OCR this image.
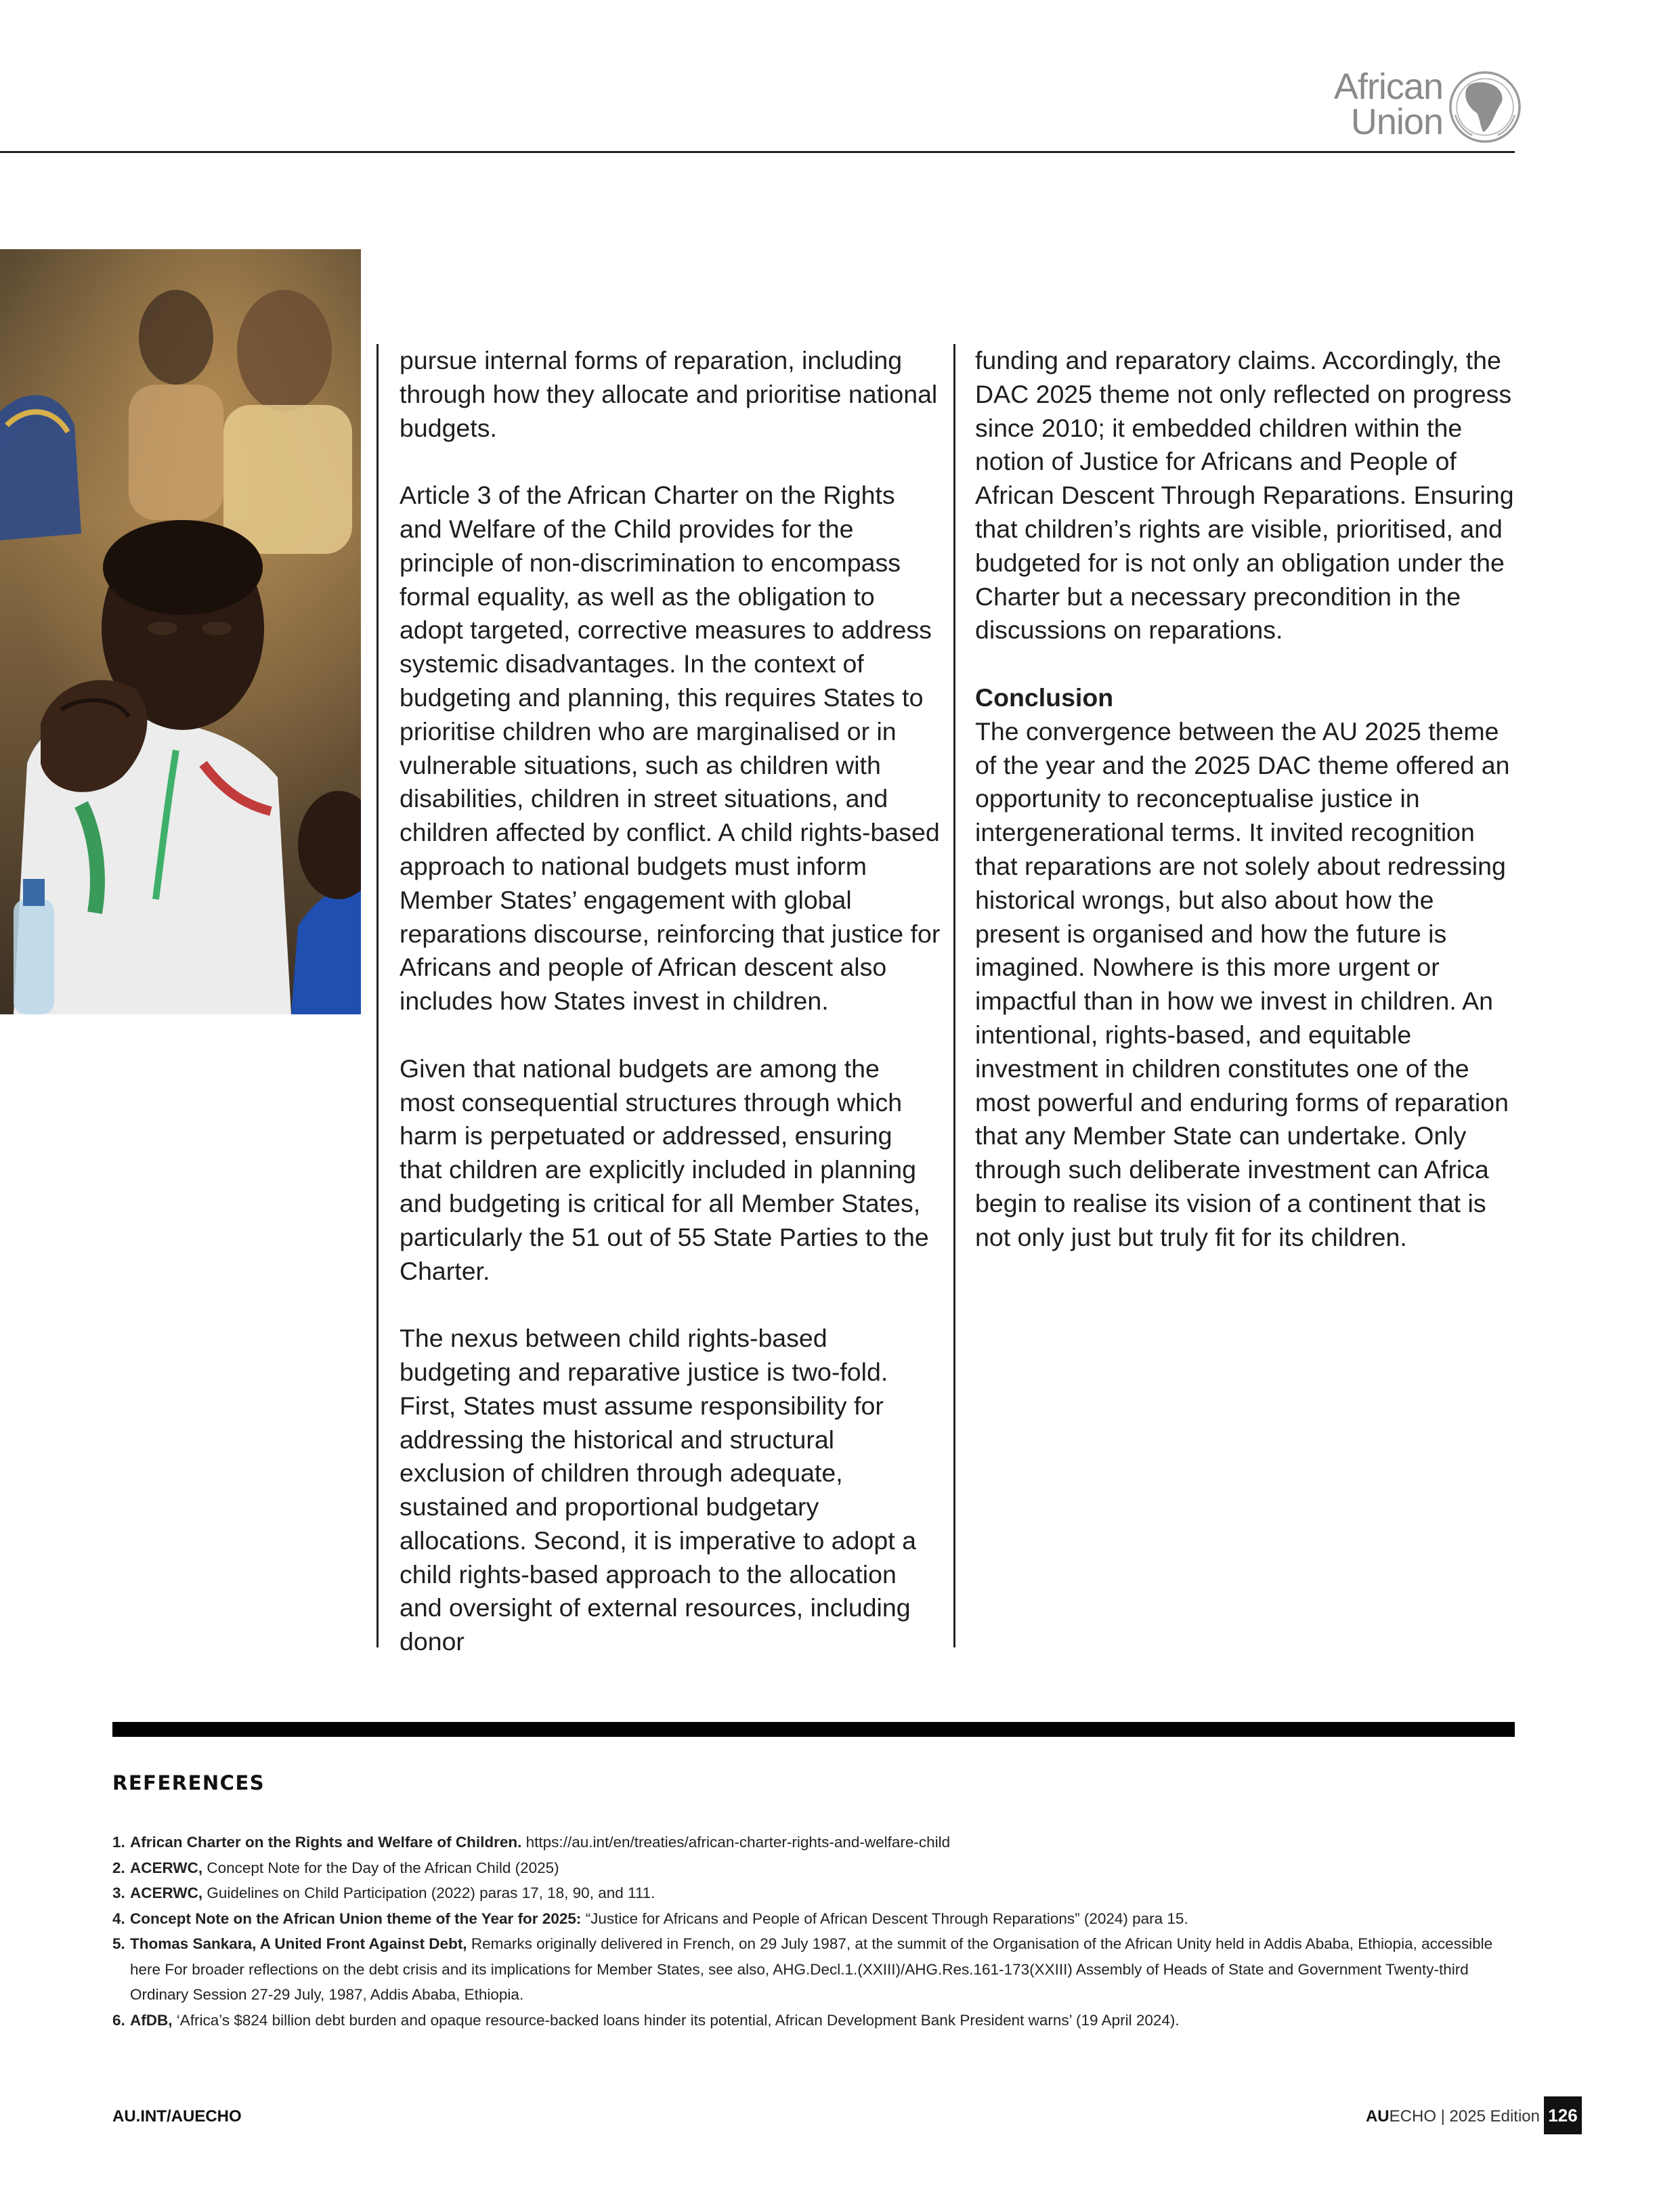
African
Union

pursue internal forms of reparation, including through how they allocate and prioritise national budgets.

Article 3 of the African Charter on the Rights and Welfare of the Child provides for the principle of non-discrimination to encompass formal equality, as well as the obligation to adopt targeted, corrective measures to address systemic disadvantages. In the context of budgeting and planning, this requires States to prioritise children who are marginalised or in vulnerable situations, such as children with disabilities, children in street situations, and children affected by conflict. A child rights-based approach to national budgets must inform Member States’ engagement with global reparations discourse, reinforcing that justice for Africans and people of African descent also includes how States invest in children.

Given that national budgets are among the most consequential structures through which harm is perpetuated or addressed, ensuring that children are explicitly included in planning and budgeting is critical for all Member States, particularly the 51 out of 55 State Parties to the Charter.

The nexus between child rights-based budgeting and reparative justice is two-fold. First, States must assume responsibility for addressing the historical and structural exclusion of children through adequate, sustained and proportional budgetary allocations. Second, it is imperative to adopt a child rights-based approach to the allocation and oversight of external resources, including donor

funding and reparatory claims. Accordingly, the DAC 2025 theme not only reflected on progress since 2010; it embedded children within the notion of Justice for Africans and People of African Descent Through Reparations. Ensuring that children’s rights are visible, prioritised, and budgeted for is not only an obligation under the Charter but a necessary precondition in the discussions on reparations.

Conclusion
The convergence between the AU 2025 theme of the year and the 2025 DAC theme offered an opportunity to reconceptualise justice in intergenerational terms. It invited recognition that reparations are not solely about redressing historical wrongs, but also about how the present is organised and how the future is imagined. Nowhere is this more urgent or impactful than in how we invest in children. An intentional, rights-based, and equitable investment in children constitutes one of the most powerful and enduring forms of reparation that any Member State can undertake. Only through such deliberate investment can Africa begin to realise its vision of a continent that is not only just but truly fit for its children.

REFERENCES
1. African Charter on the Rights and Welfare of Children. https://au.int/en/treaties/african-charter-rights-and-welfare-child
2. ACERWC, Concept Note for the Day of the African Child (2025)
3. ACERWC, Guidelines on Child Participation (2022) paras 17, 18, 90, and 111.
4. Concept Note on the African Union theme of the Year for 2025: “Justice for Africans and People of African Descent Through Reparations” (2024) para 15.
5. Thomas Sankara, A United Front Against Debt, Remarks originally delivered in French, on 29 July 1987, at the summit of the Organisation of the African Unity held in Addis Ababa, Ethiopia, accessible here For broader reflections on the debt crisis and its implications for Member States, see also, AHG.Decl.1.(XXIII)/AHG.Res.161-173(XXIII) Assembly of Heads of State and Government Twenty-third Ordinary Session 27-29 July, 1987, Addis Ababa, Ethiopia.
6. AfDB, ‘Africa’s $824 billion debt burden and opaque resource-backed loans hinder its potential, African Development Bank President warns’ (19 April 2024).
AU.INT/AUECHO	AUECHO | 2025 Edition 126
